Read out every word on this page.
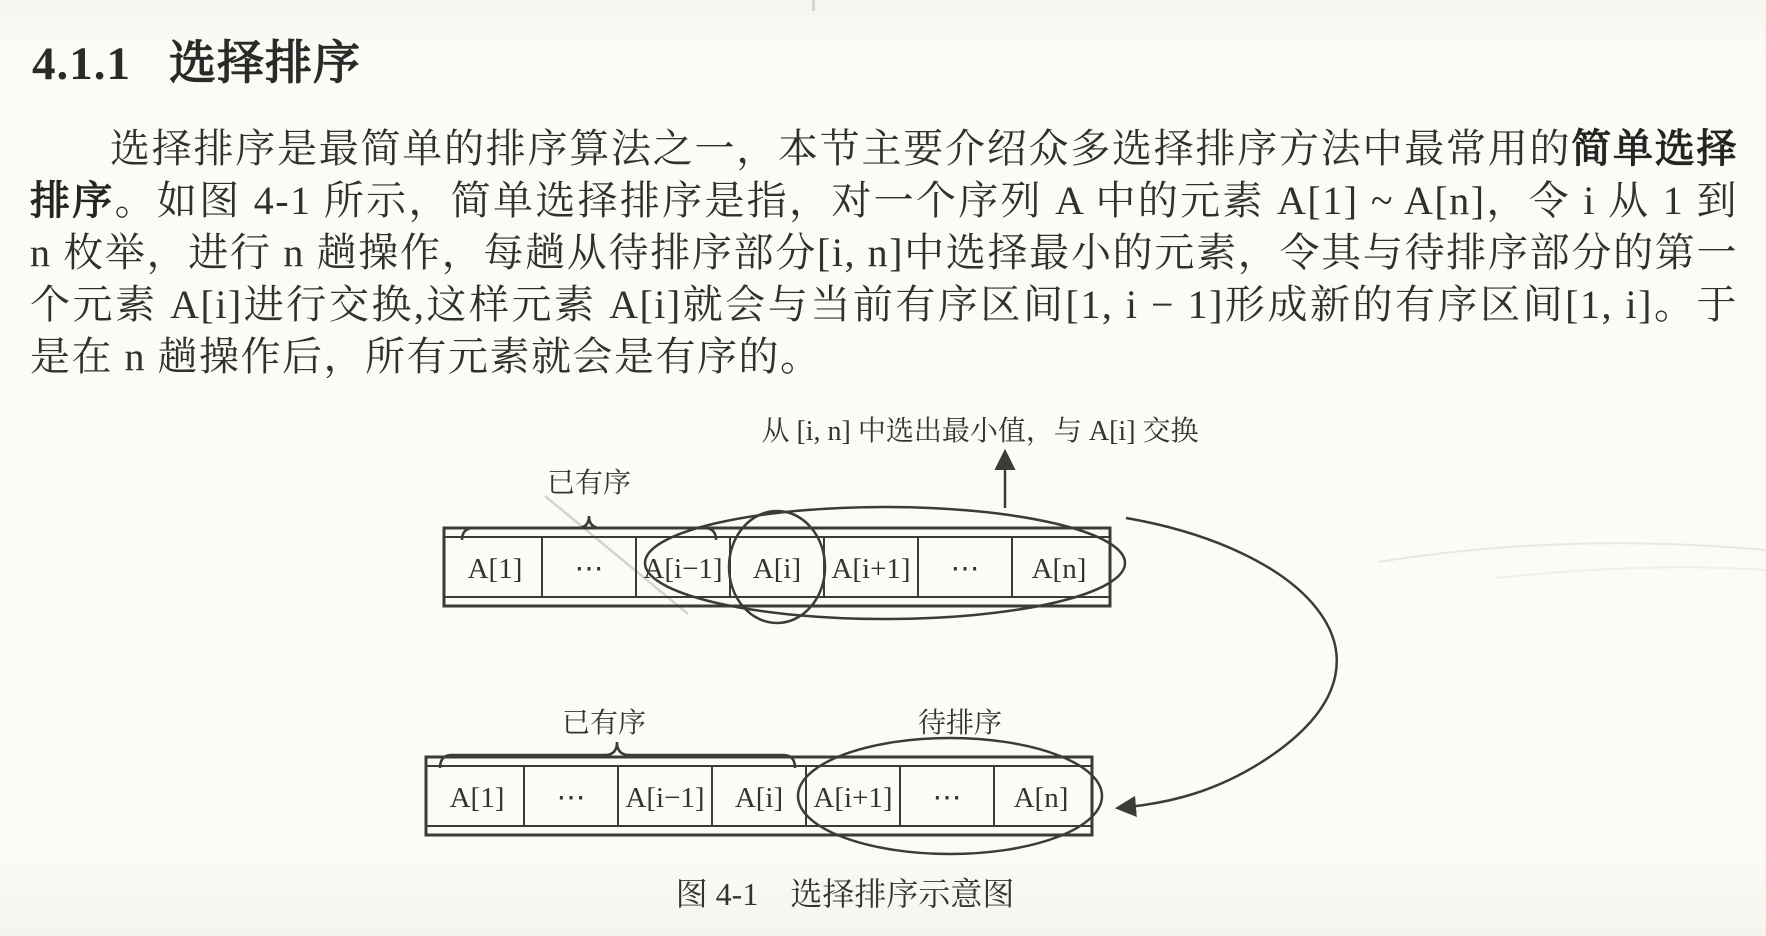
4.1.1 选择排序

选择排序是最简单的排序算法之一，本节主要介绍众多选择排序方法中最常用的简单选择排序。如图 4-1 所示，简单选择排序是指，对一个序列 A 中的元素 A[1] ~ A[n]，令 i 从 1 到 n 枚举，进行 n 趟操作，每趟从待排序部分[i, n]中选择最小的元素，令其与待排序部分的第一个元素 A[i]进行交换,这样元素 A[i]就会与当前有序区间[1, i − 1]形成新的有序区间[1, i]。于是在 n 趟操作后，所有元素就会是有序的。

从 [i, n] 中选出最小值，与 A[i] 交换
已有序
A[1] ⋯ A[i−1] A[i] A[i+1] ⋯ A[n]
已有序	待排序
A[1] ⋯ A[i−1] A[i] A[i+1] ⋯ A[n]
图 4-1　选择排序示意图
